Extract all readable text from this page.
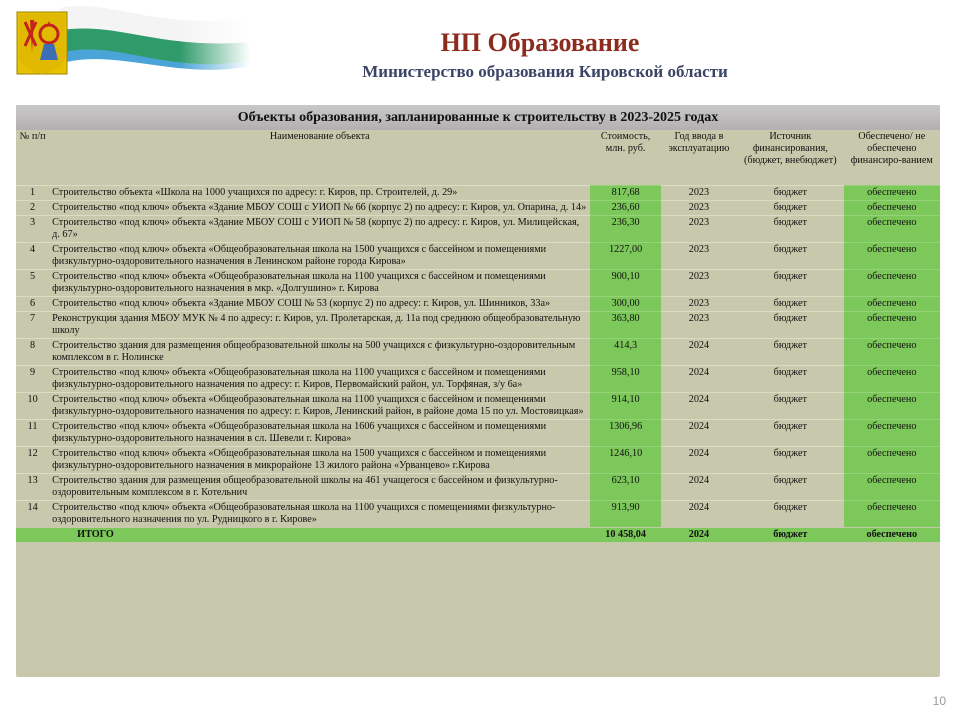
НП Образование
Министерство образования Кировской области
Объекты образования, запланированные к строительству в 2023-2025 годах
№ п/п	Наименование объекта	Стоимость, млн. руб.	Год ввода в эксплуатацию	Источник финансирования, (бюджет, внебюджет)	Обеспечено/ не обеспечено финансиро-ванием
1	Строительство объекта «Школа на 1000 учащихся по адресу: г. Киров, пр. Строителей, д. 29»	817,68	2023	бюджет	обеспечено
2	Строительство «под ключ» объекта «Здание МБОУ СОШ с УИОП № 66 (корпус 2) по адресу: г. Киров, ул. Опарина, д. 14»	236,60	2023	бюджет	обеспечено
3	Строительство «под ключ» объекта «Здание МБОУ СОШ с УИОП № 58 (корпус 2) по адресу: г. Киров, ул. Милицейская, д. 67»	236,30	2023	бюджет	обеспечено
4	Строительство «под ключ» объекта «Общеобразовательная школа на 1500 учащихся с бассейном и помещениями физкультурно-оздоровительного назначения в Ленинском районе города Кирова»	1227,00	2023	бюджет	обеспечено
5	Строительство «под ключ» объекта «Общеобразовательная школа на 1100 учащихся с бассейном и помещениями физкультурно-оздоровительного назначения в мкр. «Долгушино» г. Кирова	900,10	2023	бюджет	обеспечено
6	Строительство «под ключ» объекта «Здание МБОУ СОШ № 53 (корпус 2) по адресу: г. Киров, ул. Шинников, 33а»	300,00	2023	бюджет	обеспечено
7	Реконструкция здания МБОУ МУК № 4 по адресу: г. Киров, ул. Пролетарская, д. 11а под среднюю общеобразовательную школу	363,80	2023	бюджет	обеспечено
8	Строительство здания для размещения общеобразовательной школы на 500 учащихся с физкультурно-оздоровительным комплексом в г. Нолинске	414,3	2024	бюджет	обеспечено
9	Строительство «под ключ» объекта «Общеобразовательная школа на 1100 учащихся с бассейном и помещениями физкультурно-оздоровительного назначения по адресу: г. Киров, Первомайский район, ул. Торфяная, з/у 6а»	958,10	2024	бюджет	обеспечено
10	Строительство «под ключ» объекта «Общеобразовательная школа на 1100 учащихся с бассейном и помещениями физкультурно-оздоровительного назначения по адресу: г. Киров, Ленинский район, в районе дома 15 по ул. Мостовицкая»	914,10	2024	бюджет	обеспечено
11	Строительство «под ключ» объекта «Общеобразовательная школа на 1606 учащихся с бассейном и помещениями физкультурно-оздоровительного назначения в сл. Шевели г. Кирова»	1306,96	2024	бюджет	обеспечено
12	Строительство «под ключ» объекта «Общеобразовательная школа на 1500 учащихся с бассейном и помещениями физкультурно-оздоровительного назначения в микрорайоне 13 жилого района «Урванцево» г.Кирова	1246,10	2024	бюджет	обеспечено
13	Строительство здания для размещения общеобразовательной школы на 461 учащегося с бассейном и физкультурно-оздоровительным комплексом в г. Котельнич	623,10	2024	бюджет	обеспечено
14	Строительство «под ключ» объекта «Общеобразовательная школа на 1100 учащихся с помещениями физкультурно-оздоровительного назначения по ул. Рудницкого в г. Кирове»	913,90	2024	бюджет	обеспечено
	ИТОГО	10 458,04	2024	бюджет	обеспечено
10
